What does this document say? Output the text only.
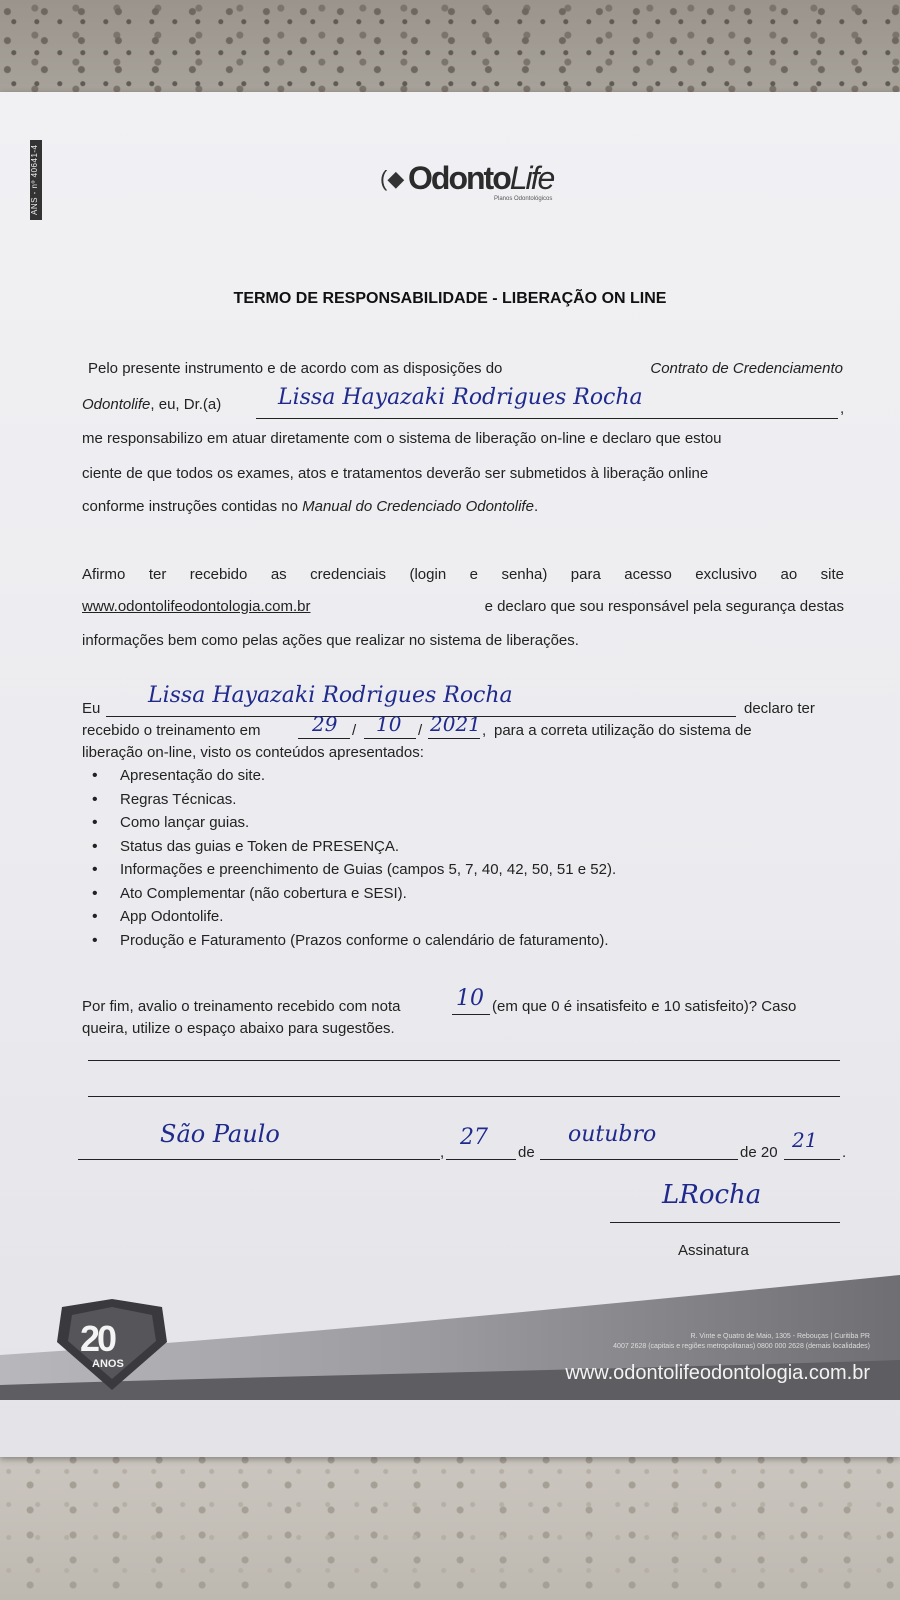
ANS - nº 40641-4	(◆ OdontoLife
Planos Odontológicos
TERMO DE RESPONSABILIDADE - LIBERAÇÃO ON LINE
Pelo presente instrumento e de acordo com as disposições do	Contrato de Credenciamento
Odontolife, eu, Dr.(a)	Lissa Hayazaki Rodrigues Rocha	,
me responsabilizo em atuar diretamente com o sistema de liberação on-line e declaro que estou
ciente de que todos os exames, atos e tratamentos deverão ser submetidos à liberação online
conforme instruções contidas no Manual do Credenciado Odontolife.
Afirmo ter recebido as credenciais (login e senha) para acesso exclusivo ao site
www.odontolifeodontologia.com.br	e declaro que sou responsável pela segurança destas
informações bem como pelas ações que realizar no sistema de liberações.
Eu
Lissa Hayazaki Rodrigues Rocha
declaro ter
recebido o treinamento em	/	/
29 10 2021 , para a correta utilização do sistema de
liberação on-line, visto os conteúdos apresentados:
• Apresentação do site.
• Regras Técnicas.
• Como lançar guias.
• Status das guias e Token de PRESENÇA.
• Informações e preenchimento de Guias (campos 5, 7, 40, 42, 50, 51 e 52).
• Ato Complementar (não cobertura e SESI).
• App Odontolife.
• Produção e Faturamento (Prazos conforme o calendário de faturamento).
Por fim, avalio o treinamento recebido com nota	10 (em que 0 é insatisfeito e 10 satisfeito)? Caso
queira, utilize o espaço abaixo para sugestões.
São Paulo
,
27
de
outubro
de 20
21
.
LRocha
Assinatura
20
ANOS
R. Vinte e Quatro de Maio, 1305 - Rebouças | Curitiba PR
4007 2628 (capitais e regiões metropolitanas) 0800 000 2628 (demais localidades)
www.odontolifeodontologia.com.br
